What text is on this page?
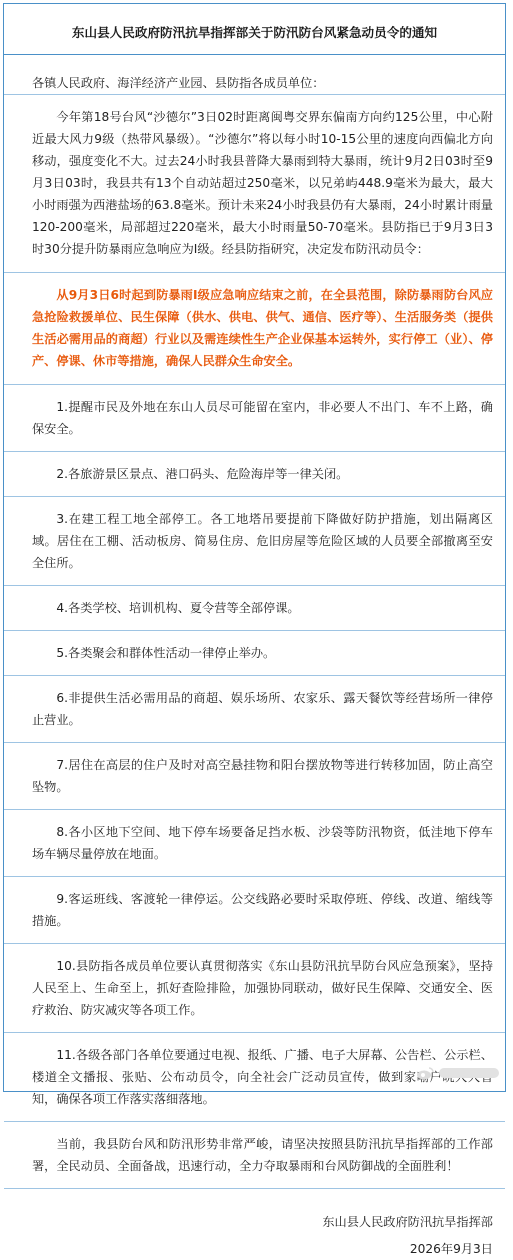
东山县人民政府防汛抗旱指挥部关于防汛防台风紧急动员令的通知
各镇人民政府、海洋经济产业园、县防指各成员单位：

今年第18号台风“沙德尔”3日02时距离闽粤交界东偏南方向约125公里，中心附近最大风力9级（热带风暴级）。“沙德尔”将以每小时10-15公里的速度向西偏北方向移动，强度变化不大。过去24小时我县普降大暴雨到特大暴雨，统计9月2日03时至9月3日03时，我县共有13个自动站超过250毫米，以兄弟屿448.9毫米为最大，最大小时雨强为西港盐场的63.8毫米。预计未来24小时我县仍有大暴雨，24小时累计雨量120-200毫米，局部超过220毫米，最大小时雨量50-70毫米。县防指已于9月3日3时30分提升防暴雨应急响应为Ⅰ级。经县防指研究，决定发布防汛动员令：

从9月3日6时起到防暴雨Ⅰ级应急响应结束之前，在全县范围，除防暴雨防台风应急抢险救援单位、民生保障（供水、供电、供气、通信、医疗等）、生活服务类（提供生活必需用品的商超）行业以及需连续性生产企业保基本运转外，实行停工（业）、停产、停课、休市等措施，确保人民群众生命安全。

1.提醒市民及外地在东山人员尽可能留在室内，非必要人不出门、车不上路，确保安全。

2.各旅游景区景点、港口码头、危险海岸等一律关闭。

3.在建工程工地全部停工。各工地塔吊要提前下降做好防护措施，划出隔离区域。居住在工棚、活动板房、简易住房、危旧房屋等危险区域的人员要全部撤离至安全住所。

4.各类学校、培训机构、夏令营等全部停课。

5.各类聚会和群体性活动一律停止举办。

6.非提供生活必需用品的商超、娱乐场所、农家乐、露天餐饮等经营场所一律停止营业。

7.居住在高层的住户及时对高空悬挂物和阳台摆放物等进行转移加固，防止高空坠物。

8.各小区地下空间、地下停车场要备足挡水板、沙袋等防汛物资，低洼地下停车场车辆尽量停放在地面。

9.客运班线、客渡轮一律停运。公交线路必要时采取停班、停线、改道、缩线等措施。

10.县防指各成员单位要认真贯彻落实《东山县防汛抗旱防台风应急预案》，坚持人民至上、生命至上，抓好查险排险，加强协同联动，做好民生保障、交通安全、医疗救治、防灾减灾等各项工作。

11.各级各部门各单位要通过电视、报纸、广播、电子大屏幕、公告栏、公示栏、楼道全文播报、张贴、公布动员令，向全社会广泛动员宣传，做到家喻户晓人人皆知，确保各项工作落实落细落地。

当前，我县防台风和防汛形势非常严峻，请坚决按照县防汛抗旱指挥部的工作部署，全民动员、全面备战，迅速行动，全力夺取暴雨和台风防御战的全面胜利！

东山县人民政府防汛抗旱指挥部
2026年9月3日
